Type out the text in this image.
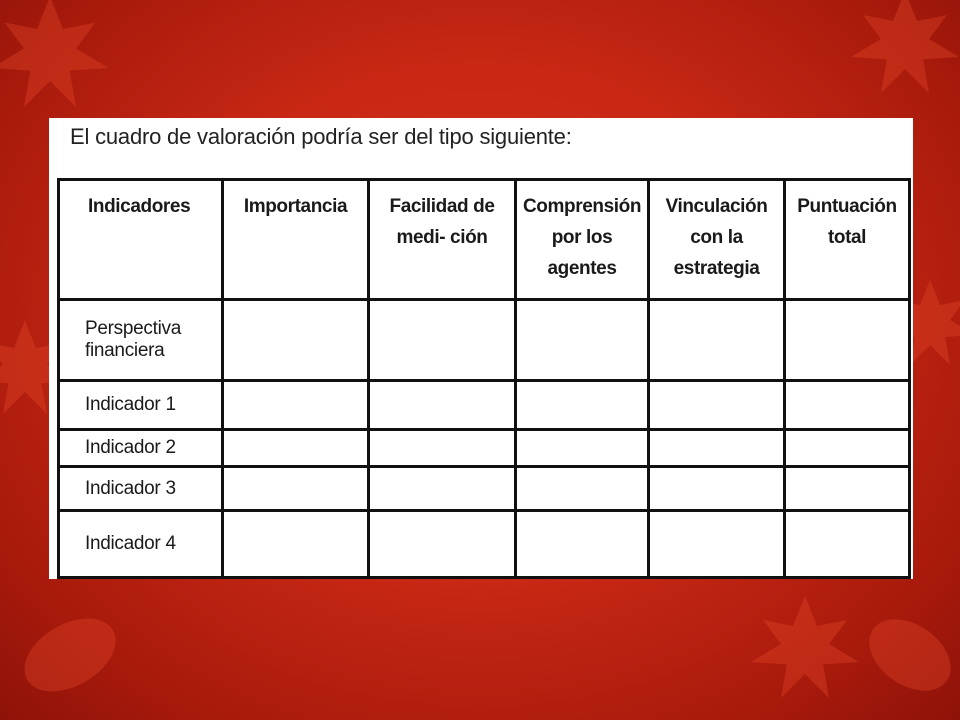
El cuadro de valoración podría ser del tipo siguiente:
Indicadores	Importancia	Facilidad de medi- ción	Comprensión por los agentes	Vinculación con la estrategia	Puntuación total
Perspectiva financiera					
Indicador 1					
Indicador 2					
Indicador 3					
Indicador 4					
